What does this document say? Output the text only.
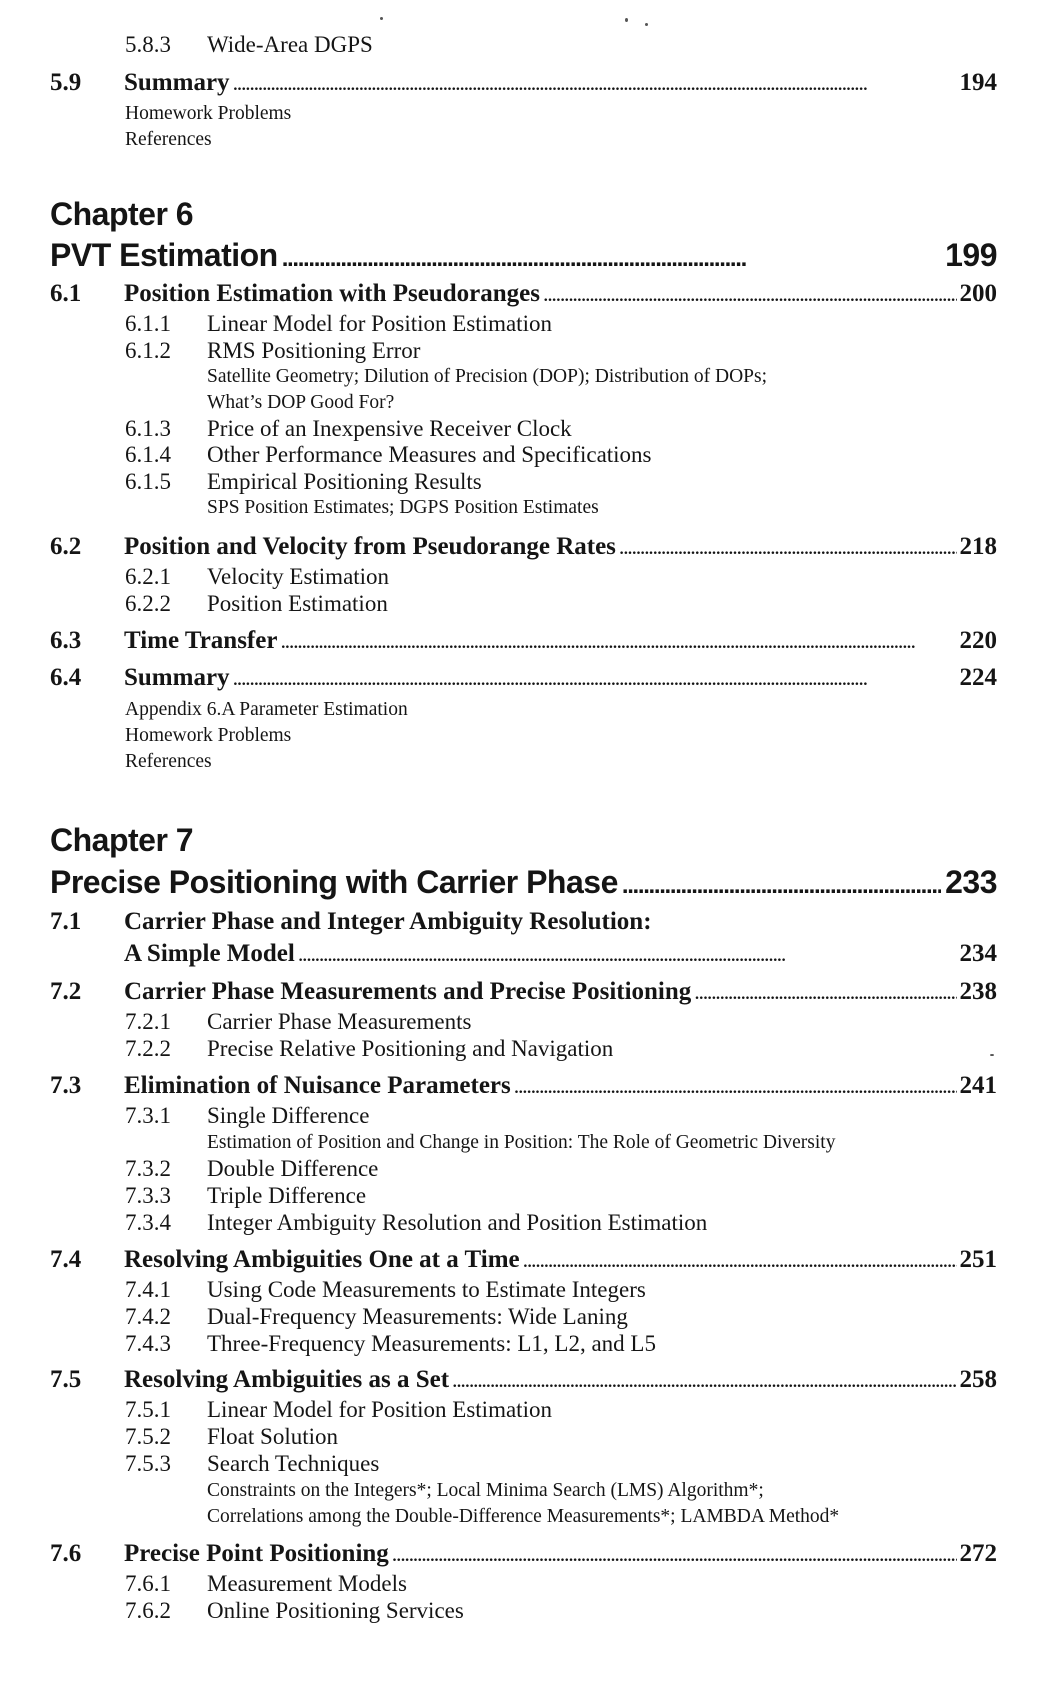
5.8.3 Wide-Area DGPS
5.9	Summary . . .	194
Homework Problems
References
Chapter 6
PVT Estimation . . .	199
6.1	Position Estimation with Pseudoranges . . .	200
6.1.1 Linear Model for Position Estimation
6.1.2 RMS Positioning Error
Satellite Geometry; Dilution of Precision (DOP); Distribution of DOPs;
What’s DOP Good For?
6.1.3 Price of an Inexpensive Receiver Clock
6.1.4 Other Performance Measures and Specifications
6.1.5 Empirical Positioning Results
SPS Position Estimates; DGPS Position Estimates
6.2	Position and Velocity from Pseudorange Rates . . .	218
6.2.1 Velocity Estimation
6.2.2 Position Estimation
6.3	Time Transfer . . .	220
6.4	Summary . . .	224
Appendix 6.A Parameter Estimation
Homework Problems
References
Chapter 7
Precise Positioning with Carrier Phase . . .	233
7.1	Carrier Phase and Integer Ambiguity Resolution:
A Simple Model . . .	234
7.2	Carrier Phase Measurements and Precise Positioning . . .	238
7.2.1 Carrier Phase Measurements
7.2.2 Precise Relative Positioning and Navigation
7.3	Elimination of Nuisance Parameters . . .	241
7.3.1 Single Difference
Estimation of Position and Change in Position: The Role of Geometric Diversity
7.3.2 Double Difference
7.3.3 Triple Difference
7.3.4 Integer Ambiguity Resolution and Position Estimation
7.4	Resolving Ambiguities One at a Time . . .	251
7.4.1 Using Code Measurements to Estimate Integers
7.4.2 Dual-Frequency Measurements: Wide Laning
7.4.3 Three-Frequency Measurements: L1, L2, and L5
7.5	Resolving Ambiguities as a Set . . .	258
7.5.1 Linear Model for Position Estimation
7.5.2 Float Solution
7.5.3 Search Techniques
Constraints on the Integers*; Local Minima Search (LMS) Algorithm*;
Correlations among the Double-Difference Measurements*; LAMBDA Method*
7.6	Precise Point Positioning . . .	272
7.6.1 Measurement Models
7.6.2 Online Positioning Services
